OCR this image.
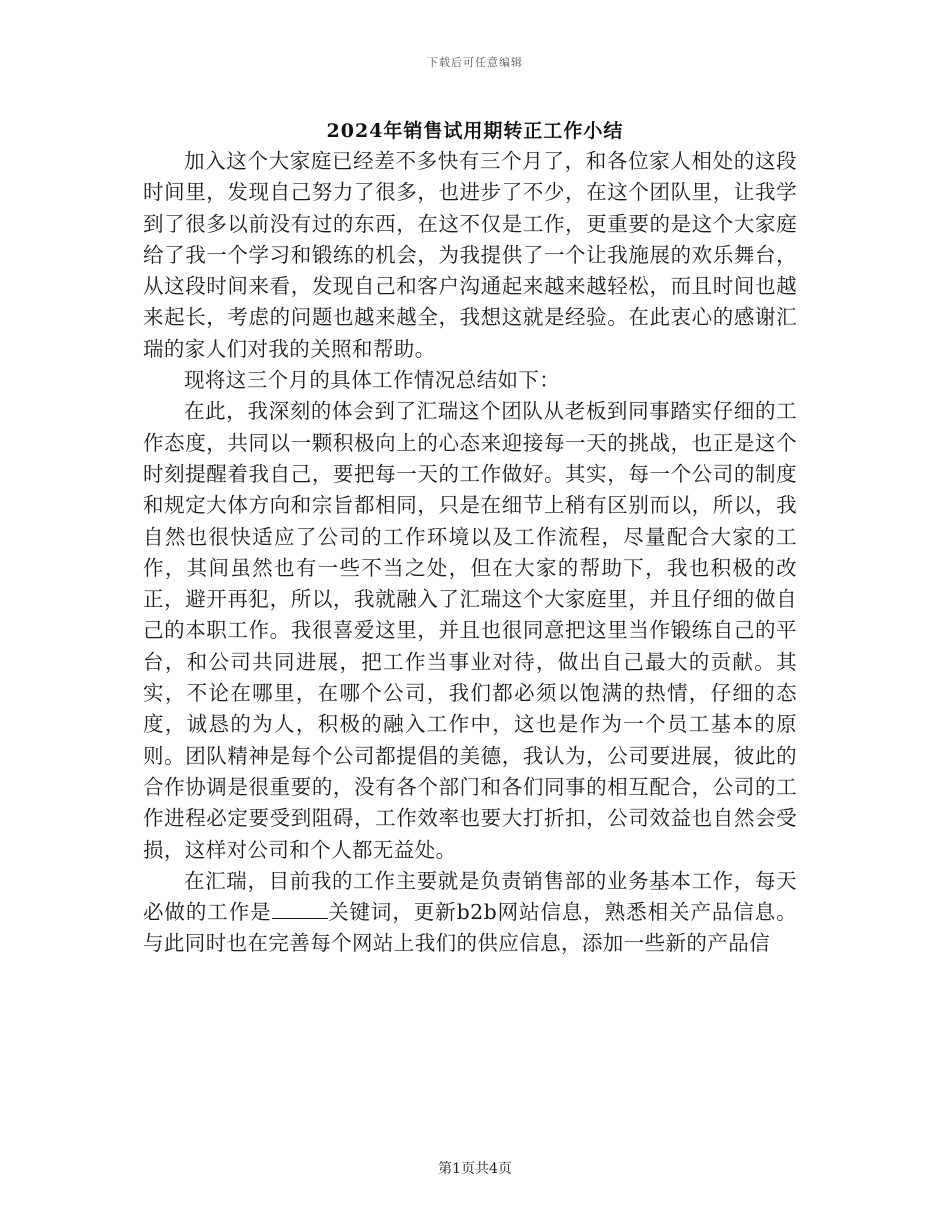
下载后可任意编辑
2024年销售试用期转正工作小结

加入这个大家庭已经差不多快有三个月了，和各位家人相处的这段时间里，发现自己努力了很多，也进步了不少，在这个团队里，让我学到了很多以前没有过的东西，在这不仅是工作，更重要的是这个大家庭给了我一个学习和锻练的机会，为我提供了一个让我施展的欢乐舞台，从这段时间来看，发现自己和客户沟通起来越来越轻松，而且时间也越来起长，考虑的问题也越来越全，我想这就是经验。在此衷心的感谢汇瑞的家人们对我的关照和帮助。

现将这三个月的具体工作情况总结如下：

在此，我深刻的体会到了汇瑞这个团队从老板到同事踏实仔细的工作态度，共同以一颗积极向上的心态来迎接每一天的挑战，也正是这个时刻提醒着我自己，要把每一天的工作做好。其实，每一个公司的制度和规定大体方向和宗旨都相同，只是在细节上稍有区别而以，所以，我自然也很快适应了公司的工作环境以及工作流程，尽量配合大家的工作，其间虽然也有一些不当之处，但在大家的帮助下，我也积极的改正，避开再犯，所以，我就融入了汇瑞这个大家庭里，并且仔细的做自己的本职工作。我很喜爱这里，并且也很同意把这里当作锻练自己的平台，和公司共同进展，把工作当事业对待，做出自己最大的贡献。其实，不论在哪里，在哪个公司，我们都必须以饱满的热情，仔细的态度，诚恳的为人，积极的融入工作中，这也是作为一个员工基本的原则。团队精神是每个公司都提倡的美德，我认为，公司要进展，彼此的合作协调是很重要的，没有各个部门和各们同事的相互配合，公司的工作进程必定要受到阻碍，工作效率也要大打折扣，公司效益也自然会受损，这样对公司和个人都无益处。

在汇瑞，目前我的工作主要就是负责销售部的业务基本工作，每天必做的工作是	关键词，更新b2b网站信息，熟悉相关产品信息。与此同时也在完善每个网站上我们的供应信息，添加一些新的产品信

第1页共4页
